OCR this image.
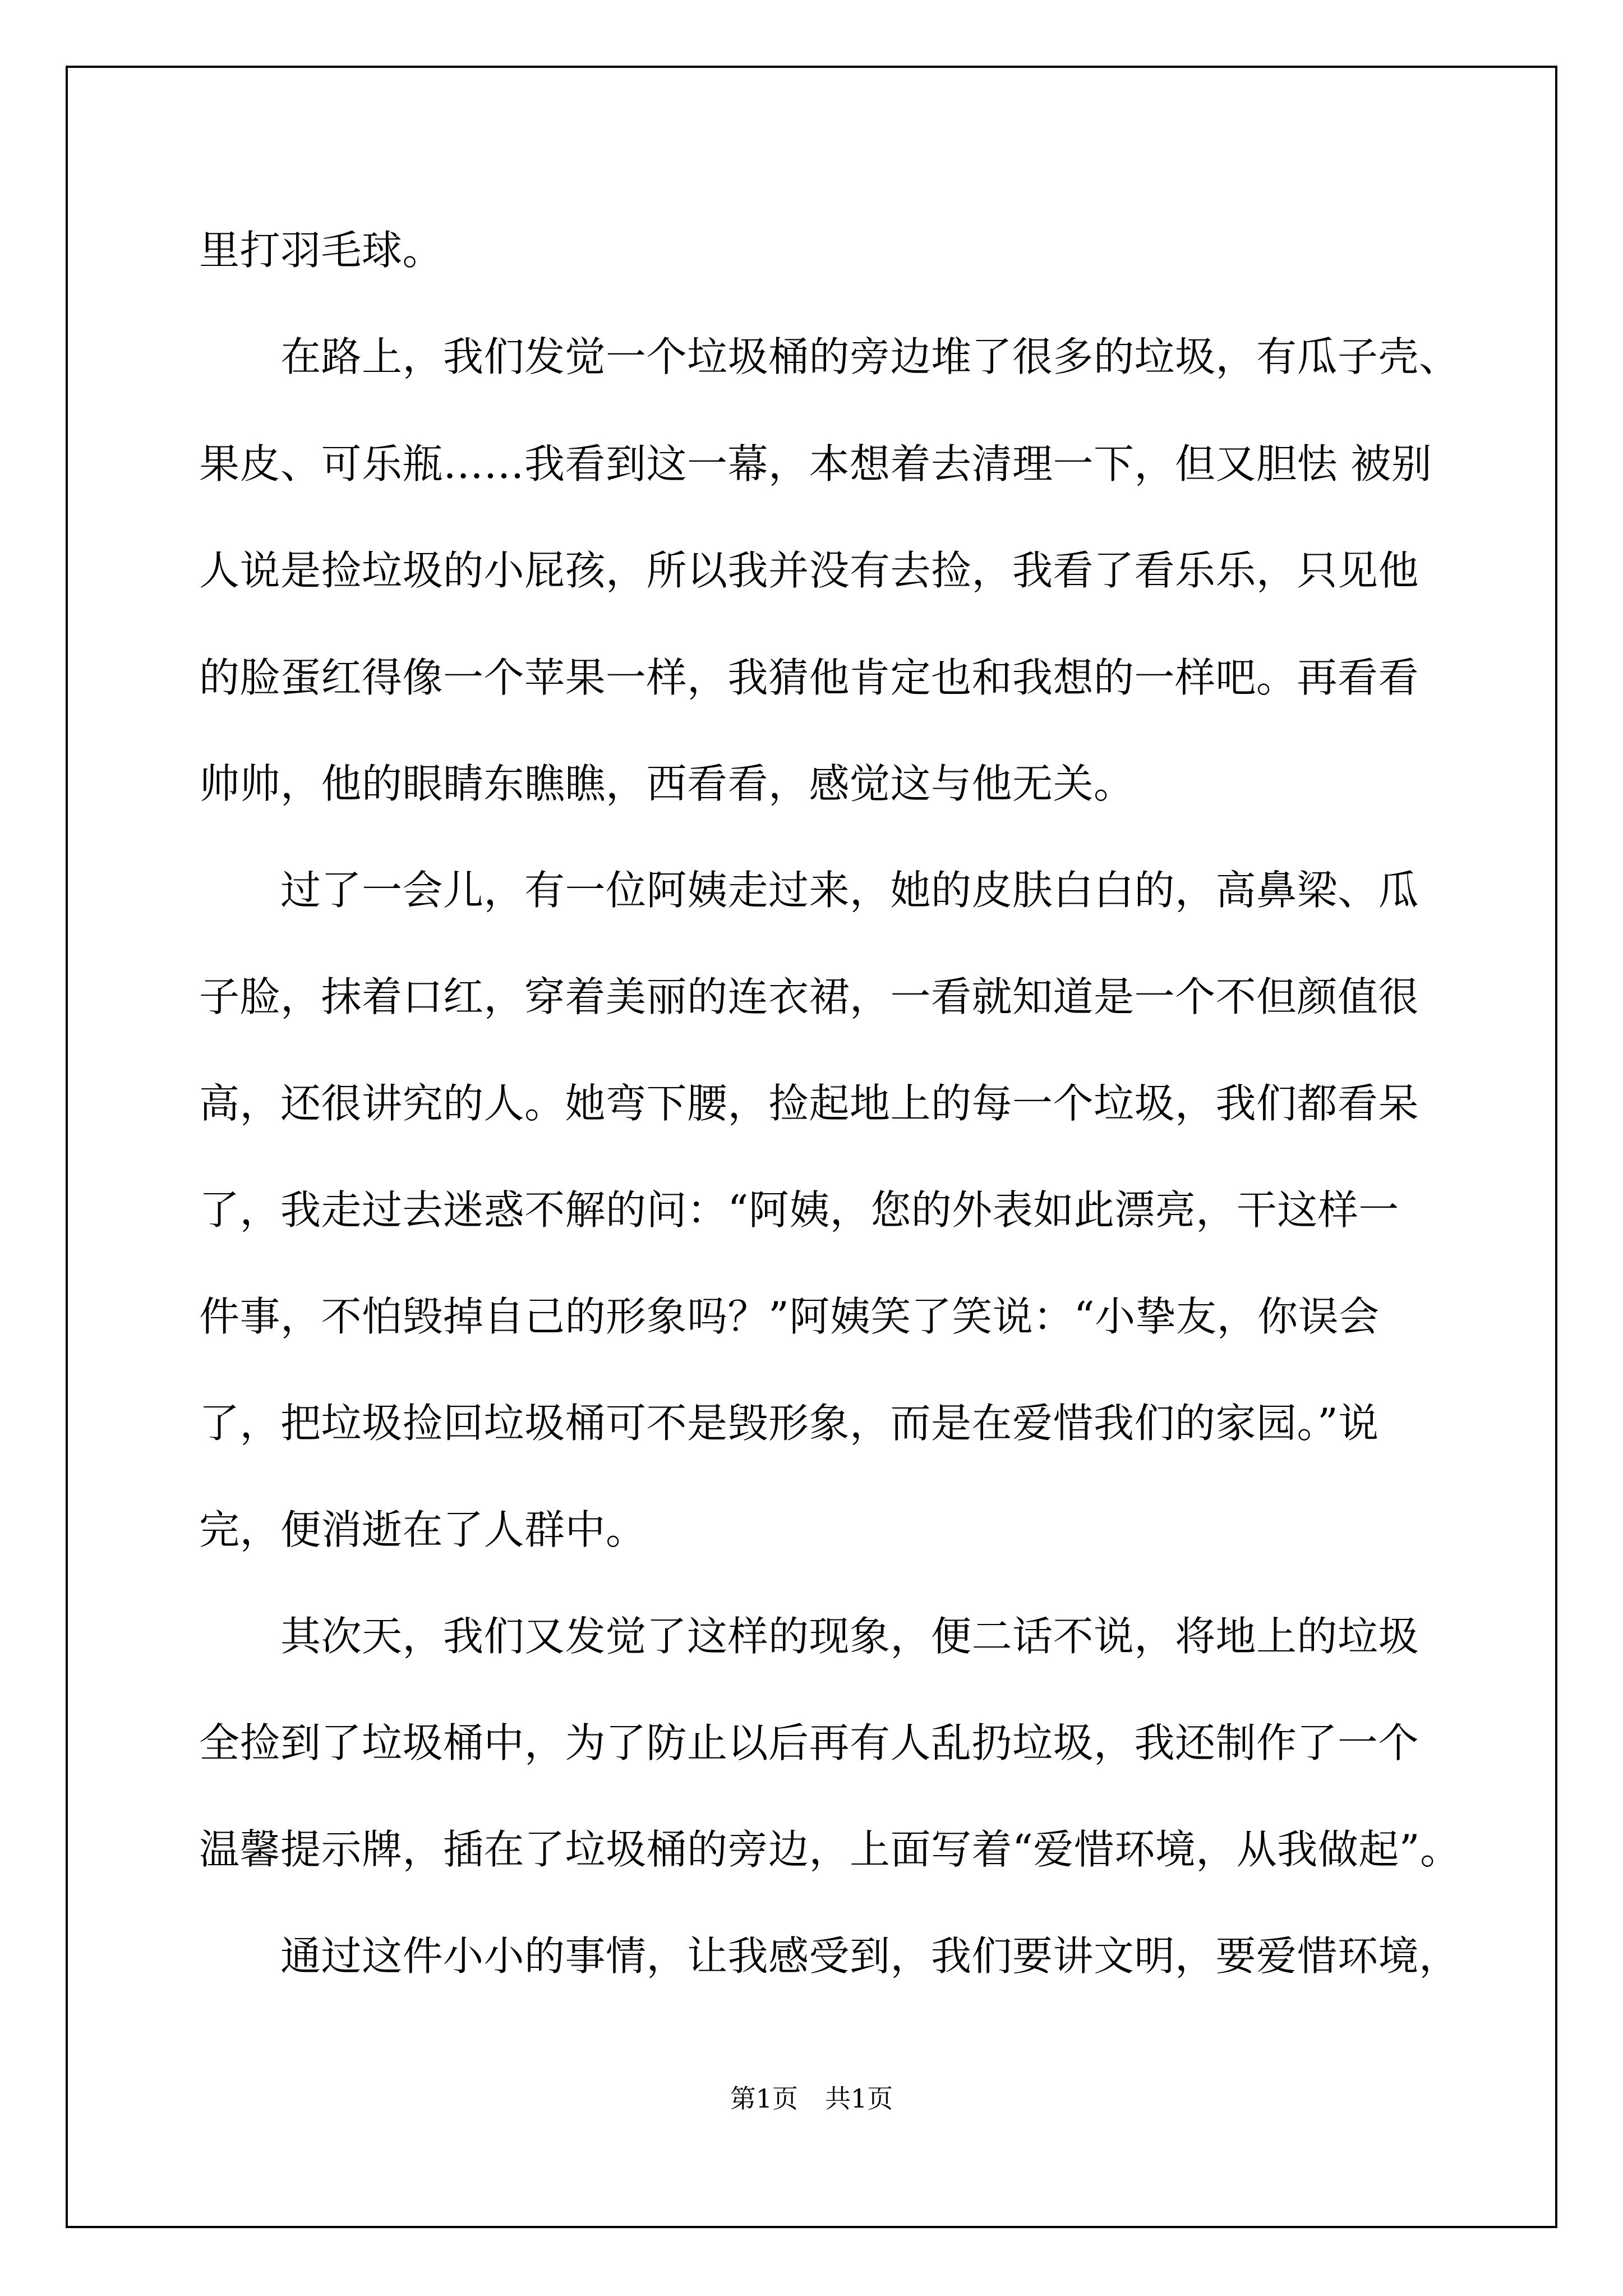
里打羽毛球。
在路上，我们发觉一个垃圾桶的旁边堆了很多的垃圾，有瓜子壳、
果皮、可乐瓶……我看到这一幕，本想着去清理一下，但又胆怯 被别
人说是捡垃圾的小屁孩，所以我并没有去捡，我看了看乐乐，只见他
的脸蛋红得像一个苹果一样，我猜他肯定也和我想的一样吧。再看看
帅帅，他的眼睛东瞧瞧，西看看，感觉这与他无关。
过了一会儿，有一位阿姨走过来，她的皮肤白白的，高鼻梁、瓜
子脸，抹着口红，穿着美丽的连衣裙，一看就知道是一个不但颜值很
高，还很讲究的人。她弯下腰，捡起地上的每一个垃圾，我们都看呆
了，我走过去迷惑不解的问：“阿姨，您的外表如此漂亮，干这样一
件事，不怕毁掉自己的形象吗？”阿姨笑了笑说：“小挚友，你误会
了，把垃圾捡回垃圾桶可不是毁形象，而是在爱惜我们的家园。”说
完，便消逝在了人群中。
其次天，我们又发觉了这样的现象，便二话不说，将地上的垃圾
全捡到了垃圾桶中，为了防止以后再有人乱扔垃圾，我还制作了一个
温馨提示牌，插在了垃圾桶的旁边，上面写着“爱惜环境，从我做起”。
通过这件小小的事情，让我感受到，我们要讲文明，要爱惜环境，
第1页 共1页
